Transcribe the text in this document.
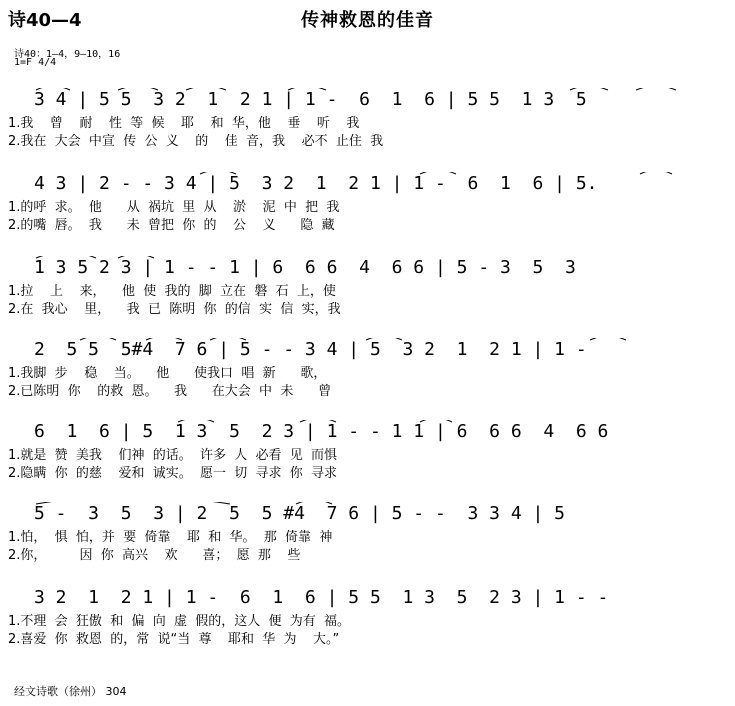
诗40—4	传神救恩的佳音
诗40：1—4，9—10，16
1=F 4/4
3 4 | 5 5  3 2  1  2 1 | 1 -  6  1  6 | 5 5  1 3  5
1.我    曾    耐    性  等  候    耶    和  华，他    垂    听    我
2.我在  大会  中宣  传  公  义    的    佳  音，我    必不  止住  我
4 3 | 2 - - 3 4 | 5  3 2  1  2 1 | 1 -  6  1  6 | 5.
1.的呼  求。  他      从  祸坑  里  从    淤    泥  中  把  我
2.的嘴  唇。  我      未  曾把  你  的    公    义      隐  藏
1 3 5 2 3 | 1 - - 1 | 6  6 6  4  6 6 | 5 - 3  5  3
1.拉    上    来，    他  使  我的  脚  立在  磐  石  上，使
2.在  我心    里，    我  已  陈明  你  的信  实  信  实，我
2  5 5  5#4  7 6 | 5 - - 3 4 | 5  3 2  1  2 1 | 1 -
1.我脚  步    稳    当。    他      使我口  唱  新      歌，
2.已陈明  你    的救  恩。    我      在大会  中  未      曾
6  1  6 | 5  1 3  5  2 3 | 1 - - 1 1 | 6  6 6  4  6 6
1.就是  赞  美我    们神  的话。  许多  人  必看  见  而惧
2.隐瞒  你  的慈    爱和  诚实。  愿一  切  寻求  你  寻求
5 -  3  5  3 | 2  5  5 #4  7 6 | 5 - -  3 3 4 | 5
1.怕，  惧  怕，并  要  倚靠    耶  和  华。  那  倚靠  神
2.你，        因  你  高兴    欢      喜；  愿  那    些
3 2  1  2 1 | 1 -  6  1  6 | 5 5  1 3  5  2 3 | 1 - -
1.不理  会  狂傲  和  偏  向  虚  假的，这人  便  为有  福。
2.喜爱  你  救恩  的，常  说“当  尊    耶和  华  为    大。”
经文诗歌（徐州） 304
